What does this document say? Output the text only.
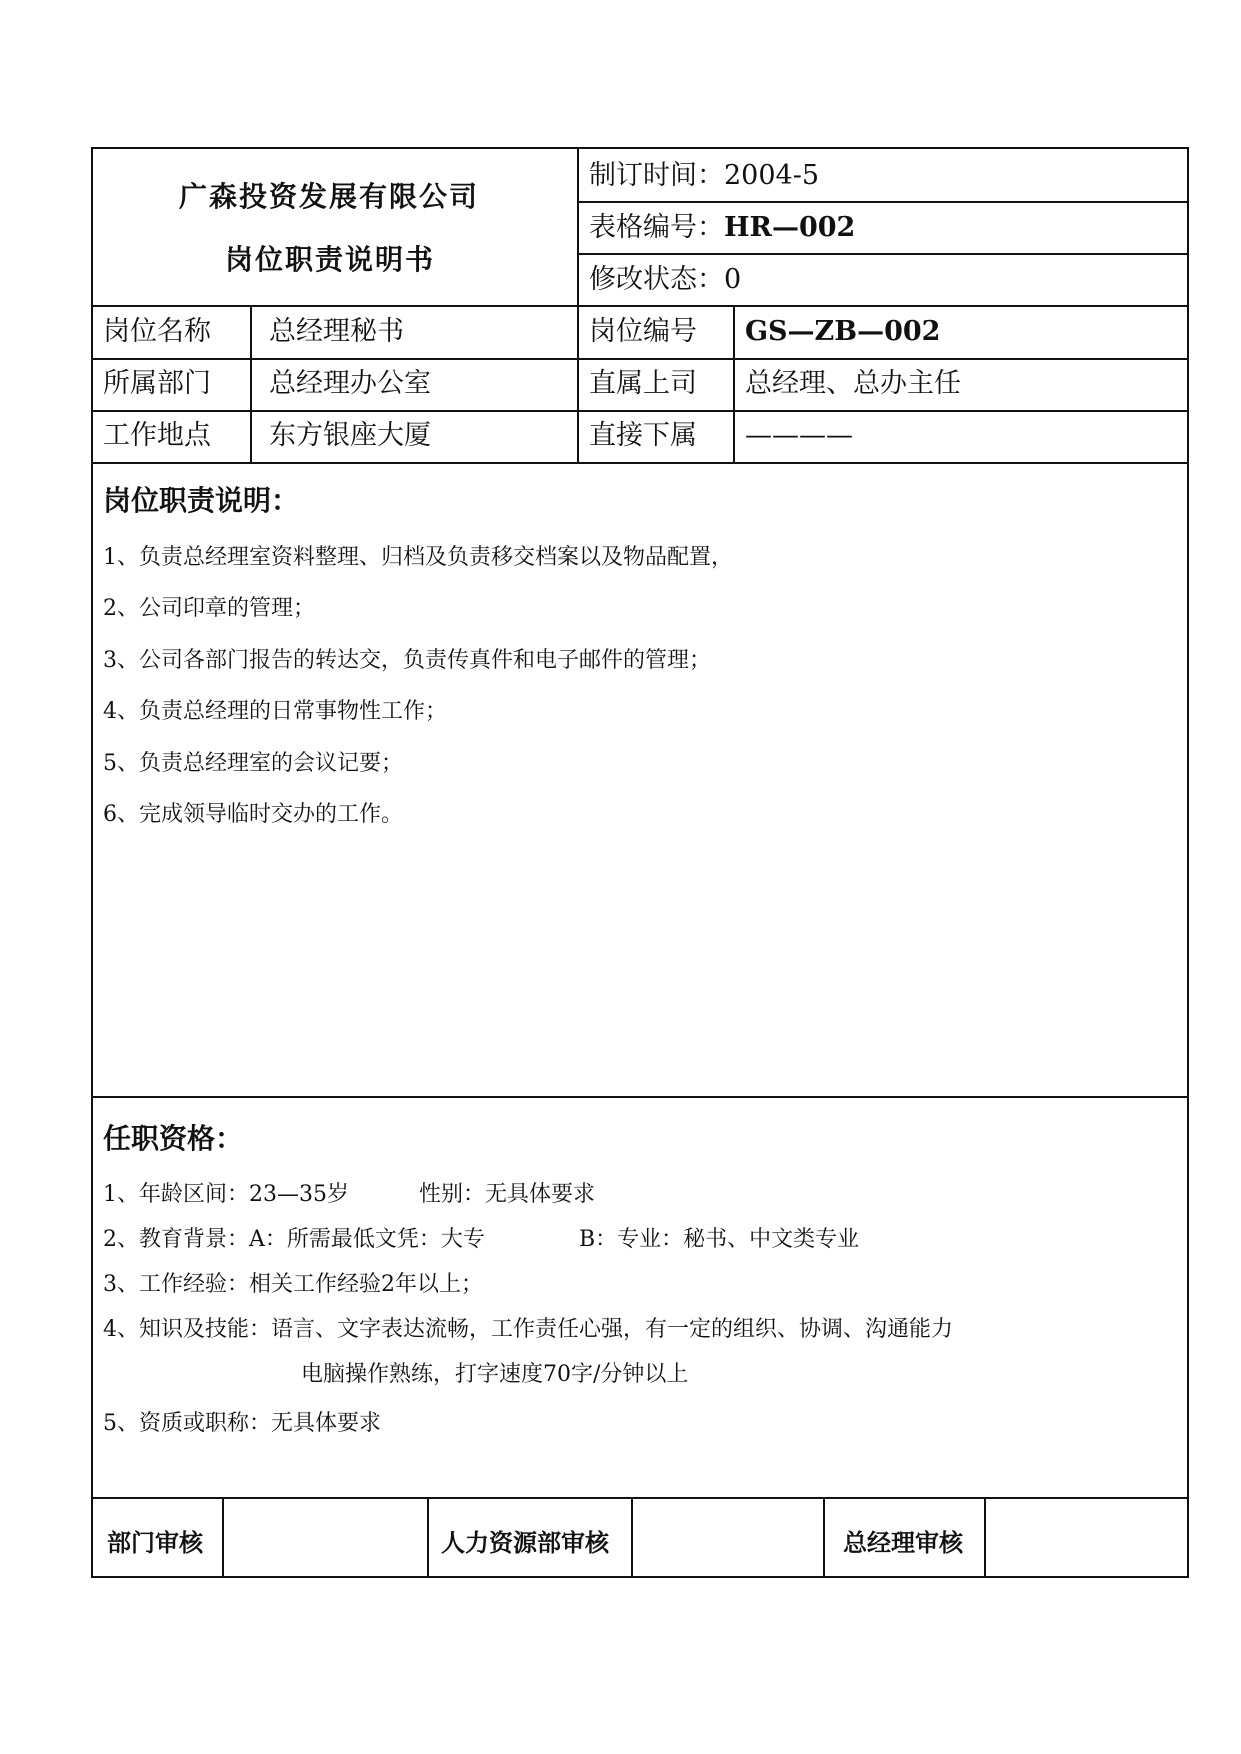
广森投资发展有限公司
岗位职责说明书
制订时间：2004-5
表格编号：HR—002
修改状态：0
岗位名称 总经理秘书	岗位编号 GS—ZB—002
所属部门 总经理办公室	直属上司 总经理、总办主任
工作地点 东方银座大厦	直接下属 ————
岗位职责说明：
1、负责总经理室资料整理、归档及负责移交档案以及物品配置，
2、公司印章的管理；
3、公司各部门报告的转达交，负责传真件和电子邮件的管理；
4、负责总经理的日常事物性工作；
5、负责总经理室的会议记要；
6、完成领导临时交办的工作。
任职资格：
1、年龄区间：23—35岁	性别：无具体要求
2、教育背景：A：所需最低文凭：大专	B：专业：秘书、中文类专业
3、工作经验：相关工作经验2年以上；
4、知识及技能：语言、文字表达流畅，工作责任心强，有一定的组织、协调、沟通能力
电脑操作熟练，打字速度70字/分钟以上
5、资质或职称：无具体要求
部门审核	人力资源部审核	总经理审核
